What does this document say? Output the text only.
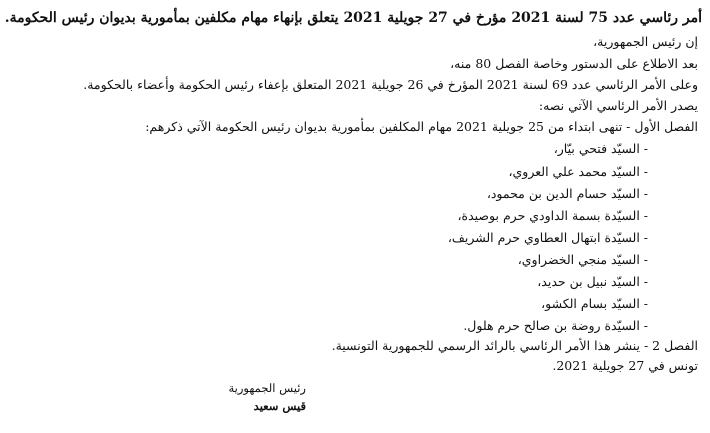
أمر رئاسي عدد 75 لسنة 2021 مؤرخ في 27 جويلية 2021 يتعلق بإنهاء مهام مكلفين بمأمورية بديوان رئيس الحكومة.
إن رئيس الجمهورية،
بعد الاطلاع على الدستور وخاصة الفصل 80 منه،
وعلى الأمر الرئاسي عدد 69 لسنة 2021 المؤرخ في 26 جويلية 2021 المتعلق بإعفاء رئيس الحكومة وأعضاء بالحكومة.
يصدر الأمر الرئاسي الآتي نصه:
الفصل الأول - تنهى ابتداء من 25 جويلية 2021 مهام المكلفين بمأمورية بديوان رئيس الحكومة الآتي ذكرهم:
- السيّد فتحي بيّار،
- السيّد محمد علي العروي،
- السيّد حسام الدين بن محمود،
- السيّدة بسمة الداودي حرم بوصيدة،
- السيّدة ابتهال العطاوي حرم الشريف،
- السيّد منجي الخضراوي،
- السيّد نبيل بن حديد،
- السيّد بسام الكشو،
- السيّدة روضة بن صالح حرم هلول.
الفصل 2 - ينشر هذا الأمر الرئاسي بالرائد الرسمي للجمهورية التونسية.
تونس في 27 جويلية 2021.
رئيس الجمهورية
قيس سعيد
